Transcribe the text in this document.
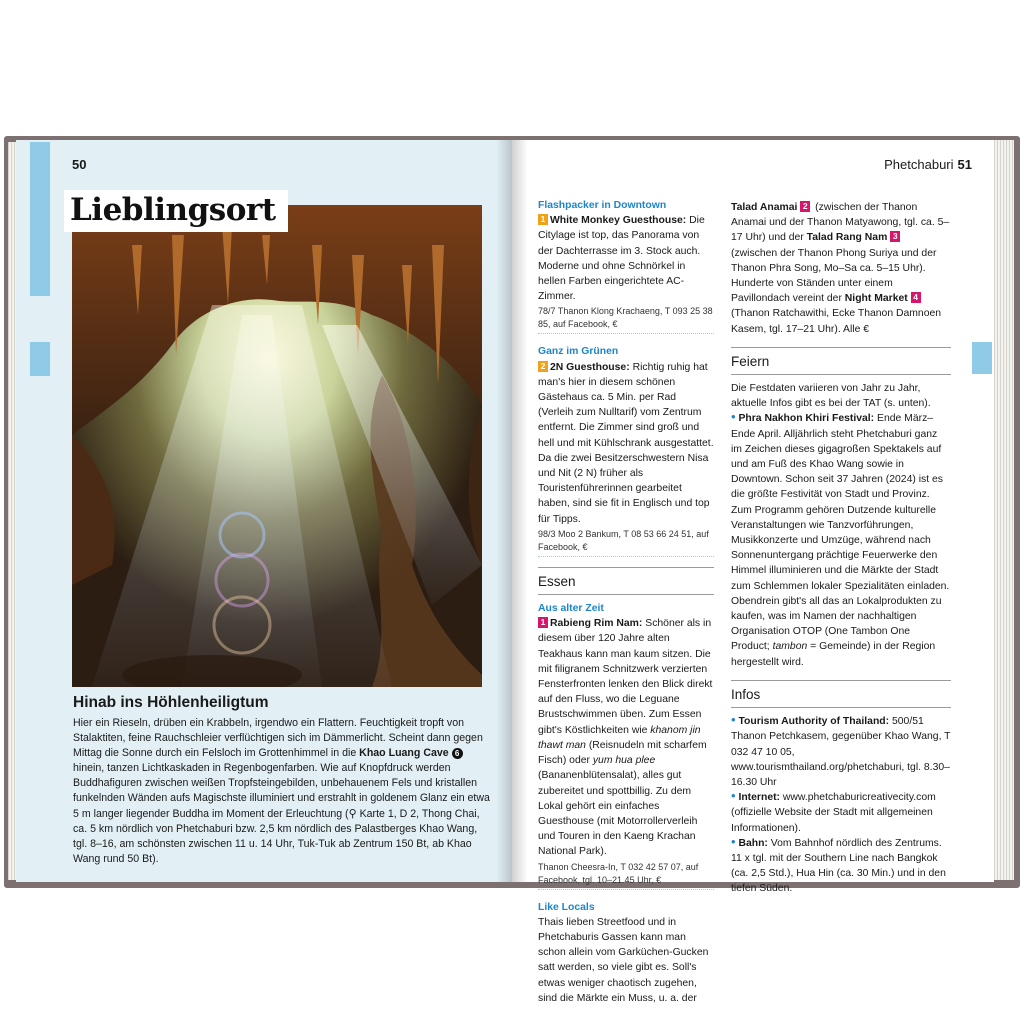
50
Lieblingsort
Hinab ins Höhlenheiligtum

Hier ein Rieseln, drüben ein Krabbeln, irgendwo ein Flattern. Feuchtigkeit tropft von Stalaktiten, feine Rauchschleier verflüchtigen sich im Dämmerlicht. Scheint dann gegen Mittag die Sonne durch ein Felsloch im Grottenhimmel in die Khao Luang Cave 6 hinein, tanzen Lichtkaskaden in Regenbogenfarben. Wie auf Knopfdruck werden Buddhafiguren zwischen weißen Tropfsteingebilden, unbehauenem Fels und kristallen funkelnden Wänden aufs Magischste illuminiert und erstrahlt in goldenem Glanz ein etwa 5 m langer liegender Buddha im Moment der Erleuchtung (⚲ Karte 1, D 2, Thong Chai, ca. 5 km nördlich von Phetchaburi bzw. 2,5 km nördlich des Palastberges Khao Wang, tgl. 8–16, am schönsten zwischen 11 u. 14 Uhr, Tuk-Tuk ab Zentrum 150 Bt, ab Khao Wang rund 50 Bt).

Phetchaburi 51
Flashpacker in Downtown

1 White Monkey Guesthouse: Die Citylage ist top, das Panorama von der Dachterrasse im 3. Stock auch. Moderne und ohne Schnörkel in hellen Farben eingerichtete AC-Zimmer.

78/7 Thanon Klong Krachaeng, T 093 25 38 85, auf Facebook, €
Ganz im Grünen

2 2N Guesthouse: Richtig ruhig hat man's hier in diesem schönen Gästehaus ca. 5 Min. per Rad (Verleih zum Nulltarif) vom Zentrum entfernt. Die Zimmer sind groß und hell und mit Kühlschrank ausgestattet. Da die zwei Besitzerschwestern Nisa und Nit (2 N) früher als Touristenführerinnen gearbeitet haben, sind sie fit in Englisch und top für Tipps.

98/3 Moo 2 Bankum, T 08 53 66 24 51, auf Facebook, €
Essen
Aus alter Zeit

1 Rabieng Rim Nam: Schöner als in diesem über 120 Jahre alten Teakhaus kann man kaum sitzen. Die mit filigranem Schnitzwerk verzierten Fensterfronten lenken den Blick direkt auf den Fluss, wo die Leguane Brustschwimmen üben. Zum Essen gibt's Köstlichkeiten wie khanom jin thawt man (Reisnudeln mit scharfem Fisch) oder yum hua plee (Bananenblütensalat), alles gut zubereitet und spottbillig. Zu dem Lokal gehört ein einfaches Guesthouse (mit Motorrollerverleih und Touren in den Kaeng Krachan National Park).

Thanon Cheesra-In, T 032 42 57 07, auf Facebook, tgl. 10–21.45 Uhr, €
Like Locals

Thais lieben Streetfood und in Phetchaburis Gassen kann man schon allein vom Garküchen-Gucken satt werden, so viele gibt es. Soll's etwas weniger chaotisch zugehen, sind die Märkte ein Muss, u. a. der

Talad Anamai 2 (zwischen der Thanon Anamai und der Thanon Matyawong, tgl. ca. 5–17 Uhr) und der Talad Rang Nam 3 (zwischen der Thanon Phong Suriya und der Thanon Phra Song, Mo–Sa ca. 5–15 Uhr). Hunderte von Ständen unter einem Pavillondach vereint der Night Market 4 (Thanon Ratchawithi, Ecke Thanon Damnoen Kasem, tgl. 17–21 Uhr). Alle €

Feiern

Die Festdaten variieren von Jahr zu Jahr, aktuelle Infos gibt es bei der TAT (s. unten).

• Phra Nakhon Khiri Festival: Ende März–Ende April. Alljährlich steht Phetchaburi ganz im Zeichen dieses gigagroßen Spektakels auf und am Fuß des Khao Wang sowie in Downtown. Schon seit 37 Jahren (2024) ist es die größte Festivität von Stadt und Provinz. Zum Programm gehören Dutzende kulturelle Veranstaltungen wie Tanzvorführungen, Musikkonzerte und Umzüge, während nach Sonnenuntergang prächtige Feuerwerke den Himmel illuminieren und die Märkte der Stadt zum Schlemmen lokaler Spezialitäten einladen. Obendrein gibt's all das an Lokalprodukten zu kaufen, was im Namen der nachhaltigen Organisation OTOP (One Tambon One Product; tambon = Gemeinde) in der Region hergestellt wird.

Infos

• Tourism Authority of Thailand: 500/51 Thanon Petchkasem, gegenüber Khao Wang, T 032 47 10 05, www.tourismthailand.org/phetchaburi, tgl. 8.30–16.30 Uhr

• Internet: www.phetchaburicreativecity.com (offizielle Website der Stadt mit allgemeinen Informationen).

• Bahn: Vom Bahnhof nördlich des Zentrums. 11 x tgl. mit der Southern Line nach Bangkok (ca. 2,5 Std.), Hua Hin (ca. 30 Min.) und in den tiefen Süden.
